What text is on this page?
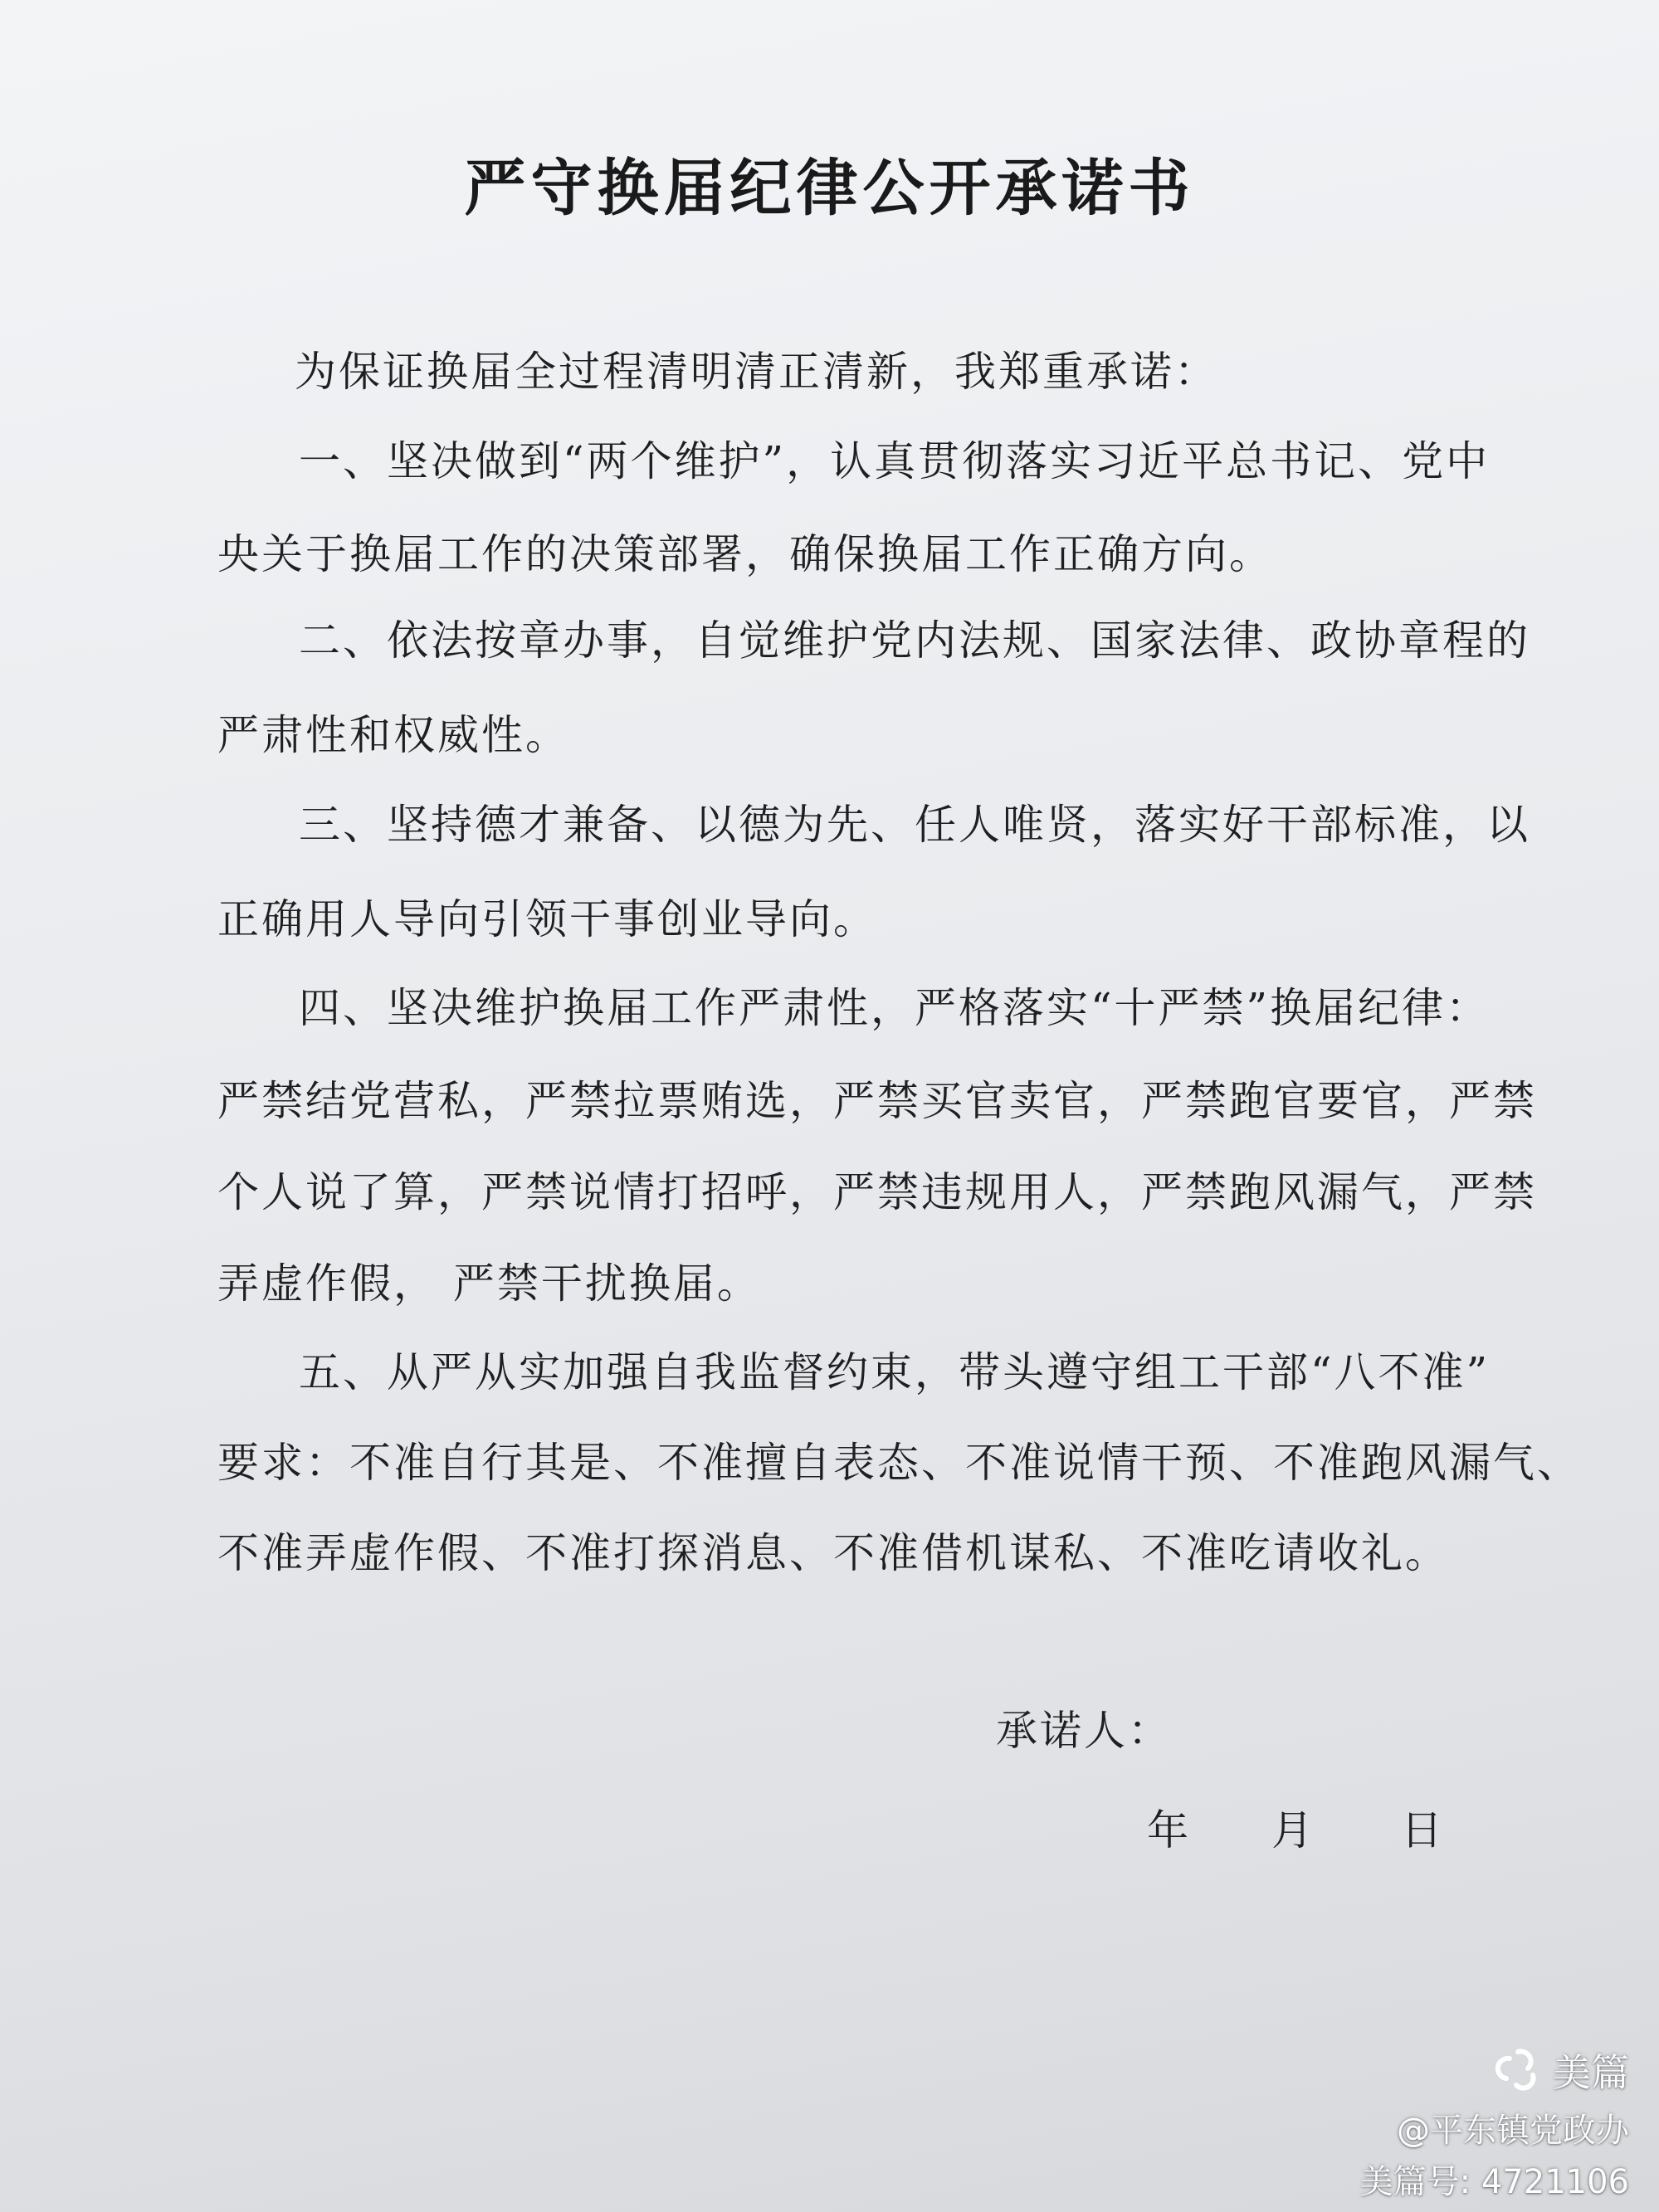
严守换届纪律公开承诺书
为保证换届全过程清明清正清新，我郑重承诺：
一、坚决做到“两个维护”，认真贯彻落实习近平总书记、党中
央关于换届工作的决策部署，确保换届工作正确方向。
二、依法按章办事，自觉维护党内法规、国家法律、政协章程的
严肃性和权威性。
三、坚持德才兼备、以德为先、任人唯贤，落实好干部标准，以
正确用人导向引领干事创业导向。
四、坚决维护换届工作严肃性，严格落实“十严禁”换届纪律：
严禁结党营私，严禁拉票贿选，严禁买官卖官，严禁跑官要官，严禁
个人说了算，严禁说情打招呼，严禁违规用人，严禁跑风漏气，严禁
弄虚作假， 严禁干扰换届。
五、从严从实加强自我监督约束，带头遵守组工干部“八不准”
要求：不准自行其是、不准擅自表态、不准说情干预、不准跑风漏气、
不准弄虚作假、不准打探消息、不准借机谋私、不准吃请收礼。
承诺人：
年 月 日
美篇
@平东镇党政办
美篇号: 4721106
